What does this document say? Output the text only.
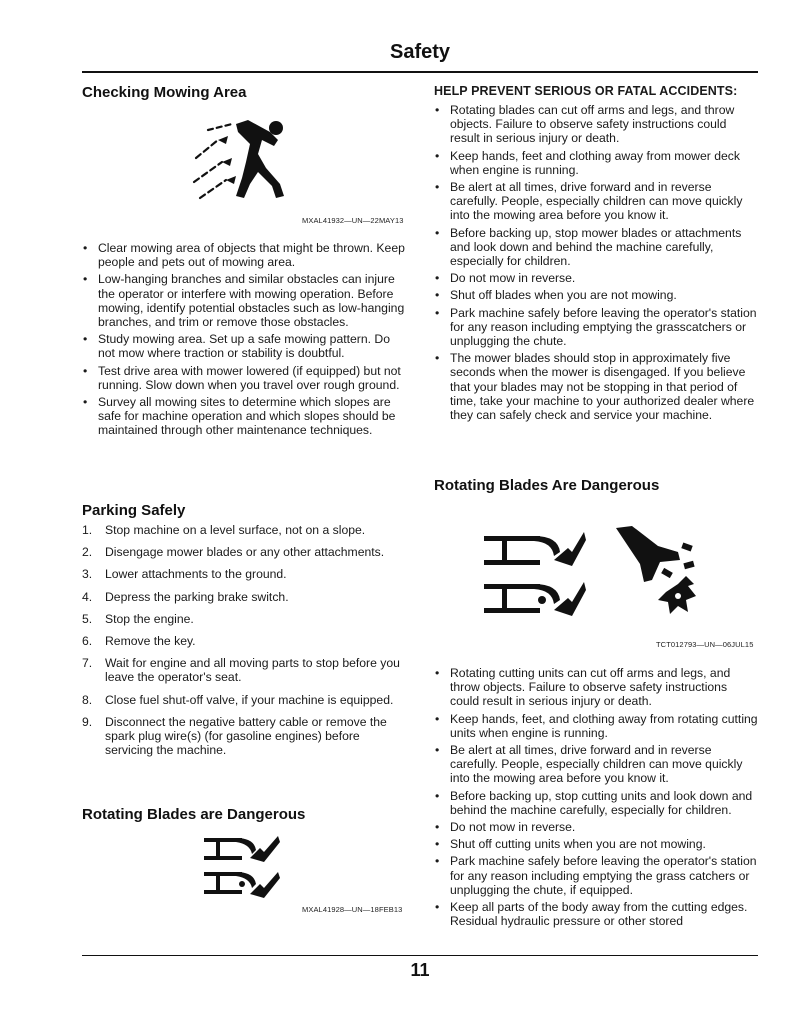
Safety
Checking Mowing Area
MXAL41932—UN—22MAY13
• Clear mowing area of objects that might be thrown. Keep people and pets out of mowing area.
• Low-hanging branches and similar obstacles can injure the operator or interfere with mowing operation. Before mowing, identify potential obstacles such as low-hanging branches, and trim or remove those obstacles.
• Study mowing area. Set up a safe mowing pattern. Do not mow where traction or stability is doubtful.
• Test drive area with mower lowered (if equipped) but not running. Slow down when you travel over rough ground.
• Survey all mowing sites to determine which slopes are safe for machine operation and which slopes should be maintained through other maintenance techniques.
Parking Safely
1. Stop machine on a level surface, not on a slope.
2. Disengage mower blades or any other attachments.
3. Lower attachments to the ground.
4. Depress the parking brake switch.
5. Stop the engine.
6. Remove the key.
7. Wait for engine and all moving parts to stop before you leave the operator's seat.
8. Close fuel shut-off valve, if your machine is equipped.
9. Disconnect the negative battery cable or remove the spark plug wire(s) (for gasoline engines) before servicing the machine.
Rotating Blades are Dangerous
MXAL41928—UN—18FEB13
HELP PREVENT SERIOUS OR FATAL ACCIDENTS:
• Rotating blades can cut off arms and legs, and throw objects. Failure to observe safety instructions could result in serious injury or death.
• Keep hands, feet and clothing away from mower deck when engine is running.
• Be alert at all times, drive forward and in reverse carefully. People, especially children can move quickly into the mowing area before you know it.
• Before backing up, stop mower blades or attachments and look down and behind the machine carefully, especially for children.
• Do not mow in reverse.
• Shut off blades when you are not mowing.
• Park machine safely before leaving the operator's station for any reason including emptying the grasscatchers or unplugging the chute.
• The mower blades should stop in approximately five seconds when the mower is disengaged. If you believe that your blades may not be stopping in that period of time, take your machine to your authorized dealer where they can safely check and service your machine.
Rotating Blades Are Dangerous
TCT012793—UN—06JUL15
• Rotating cutting units can cut off arms and legs, and throw objects. Failure to observe safety instructions could result in serious injury or death.
• Keep hands, feet, and clothing away from rotating cutting units when engine is running.
• Be alert at all times, drive forward and in reverse carefully. People, especially children can move quickly into the mowing area before you know it.
• Before backing up, stop cutting units and look down and behind the machine carefully, especially for children.
• Do not mow in reverse.
• Shut off cutting units when you are not mowing.
• Park machine safely before leaving the operator's station for any reason including emptying the grass catchers or unplugging the chute, if equipped.
• Keep all parts of the body away from the cutting edges. Residual hydraulic pressure or other stored
11
